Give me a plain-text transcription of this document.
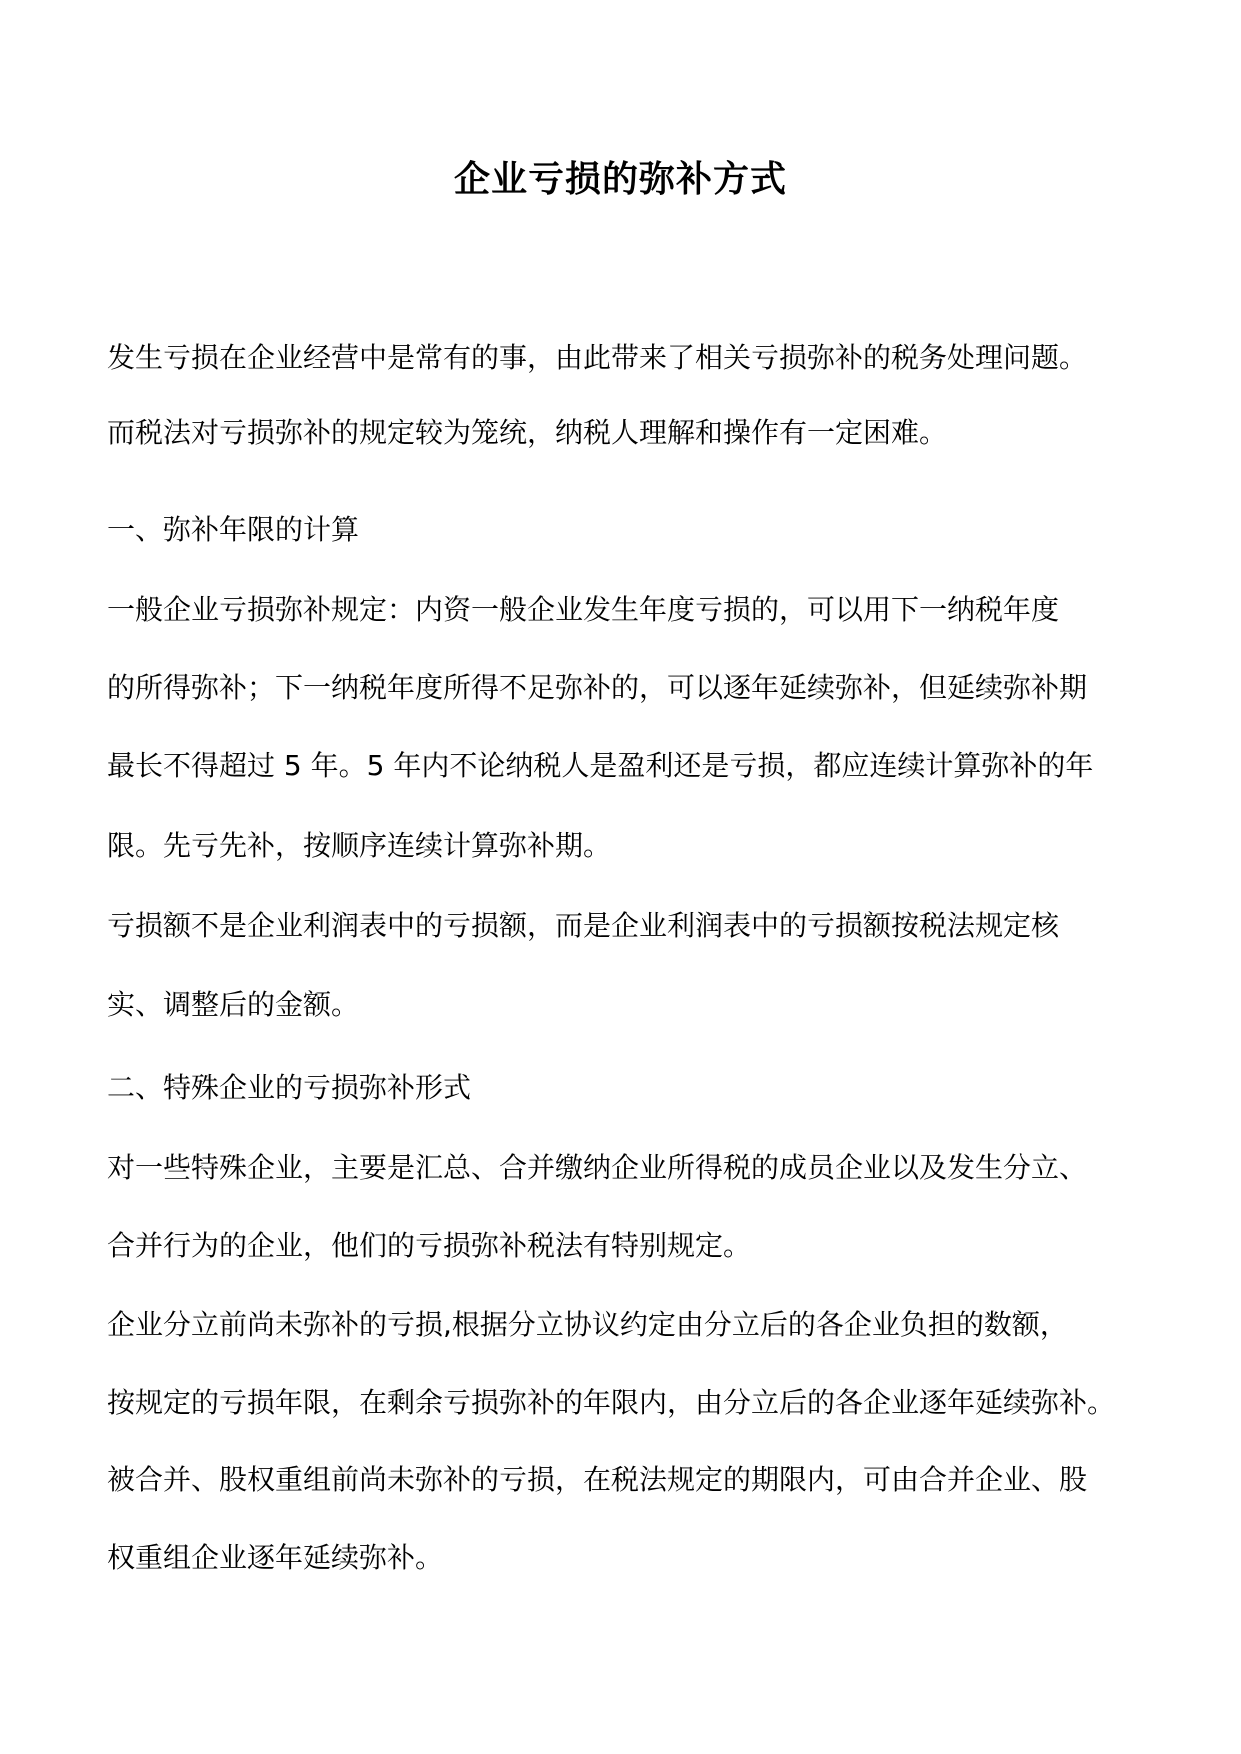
企业亏损的弥补方式

发生亏损在企业经营中是常有的事，由此带来了相关亏损弥补的税务处理问题。

而税法对亏损弥补的规定较为笼统，纳税人理解和操作有一定困难。

一、弥补年限的计算

一般企业亏损弥补规定：内资一般企业发生年度亏损的，可以用下一纳税年度

的所得弥补；下一纳税年度所得不足弥补的，可以逐年延续弥补，但延续弥补期

最长不得超过 5 年。5 年内不论纳税人是盈利还是亏损，都应连续计算弥补的年

限。先亏先补，按顺序连续计算弥补期。

亏损额不是企业利润表中的亏损额，而是企业利润表中的亏损额按税法规定核

实、调整后的金额。

二、特殊企业的亏损弥补形式

对一些特殊企业，主要是汇总、合并缴纳企业所得税的成员企业以及发生分立、

合并行为的企业，他们的亏损弥补税法有特别规定。

企业分立前尚未弥补的亏损,根据分立协议约定由分立后的各企业负担的数额，

按规定的亏损年限，在剩余亏损弥补的年限内，由分立后的各企业逐年延续弥补。

被合并、股权重组前尚未弥补的亏损，在税法规定的期限内，可由合并企业、股

权重组企业逐年延续弥补。
